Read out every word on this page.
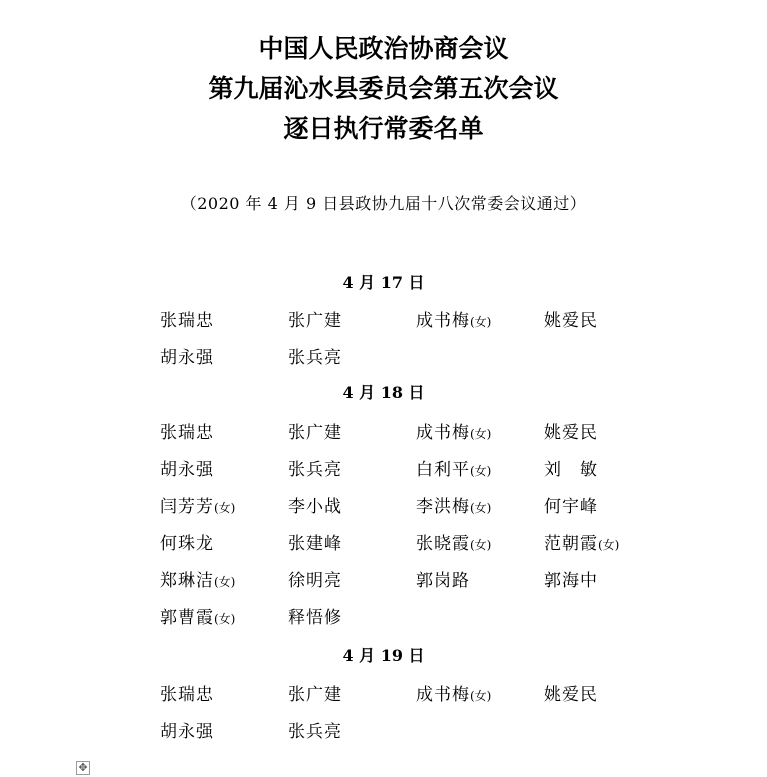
中国人民政治协商会议
第九届沁水县委员会第五次会议
逐日执行常委名单
（2020 年 4 月 9 日县政协九届十八次常委会议通过）
4 月 17 日
张瑞忠	张广建	成书梅(女)	姚爱民
胡永强	张兵亮
4 月 18 日
张瑞忠	张广建	成书梅(女)	姚爱民
胡永强	张兵亮	白利平(女)	刘　敏
闫芳芳(女)	李小战	李洪梅(女)	何宇峰
何珠龙	张建峰	张晓霞(女)	范朝霞(女)
郑琳洁(女)	徐明亮	郭岗路	郭海中
郭曹霞(女)	释悟修
4 月 19 日
张瑞忠	张广建	成书梅(女)	姚爱民
胡永强	张兵亮
✥
